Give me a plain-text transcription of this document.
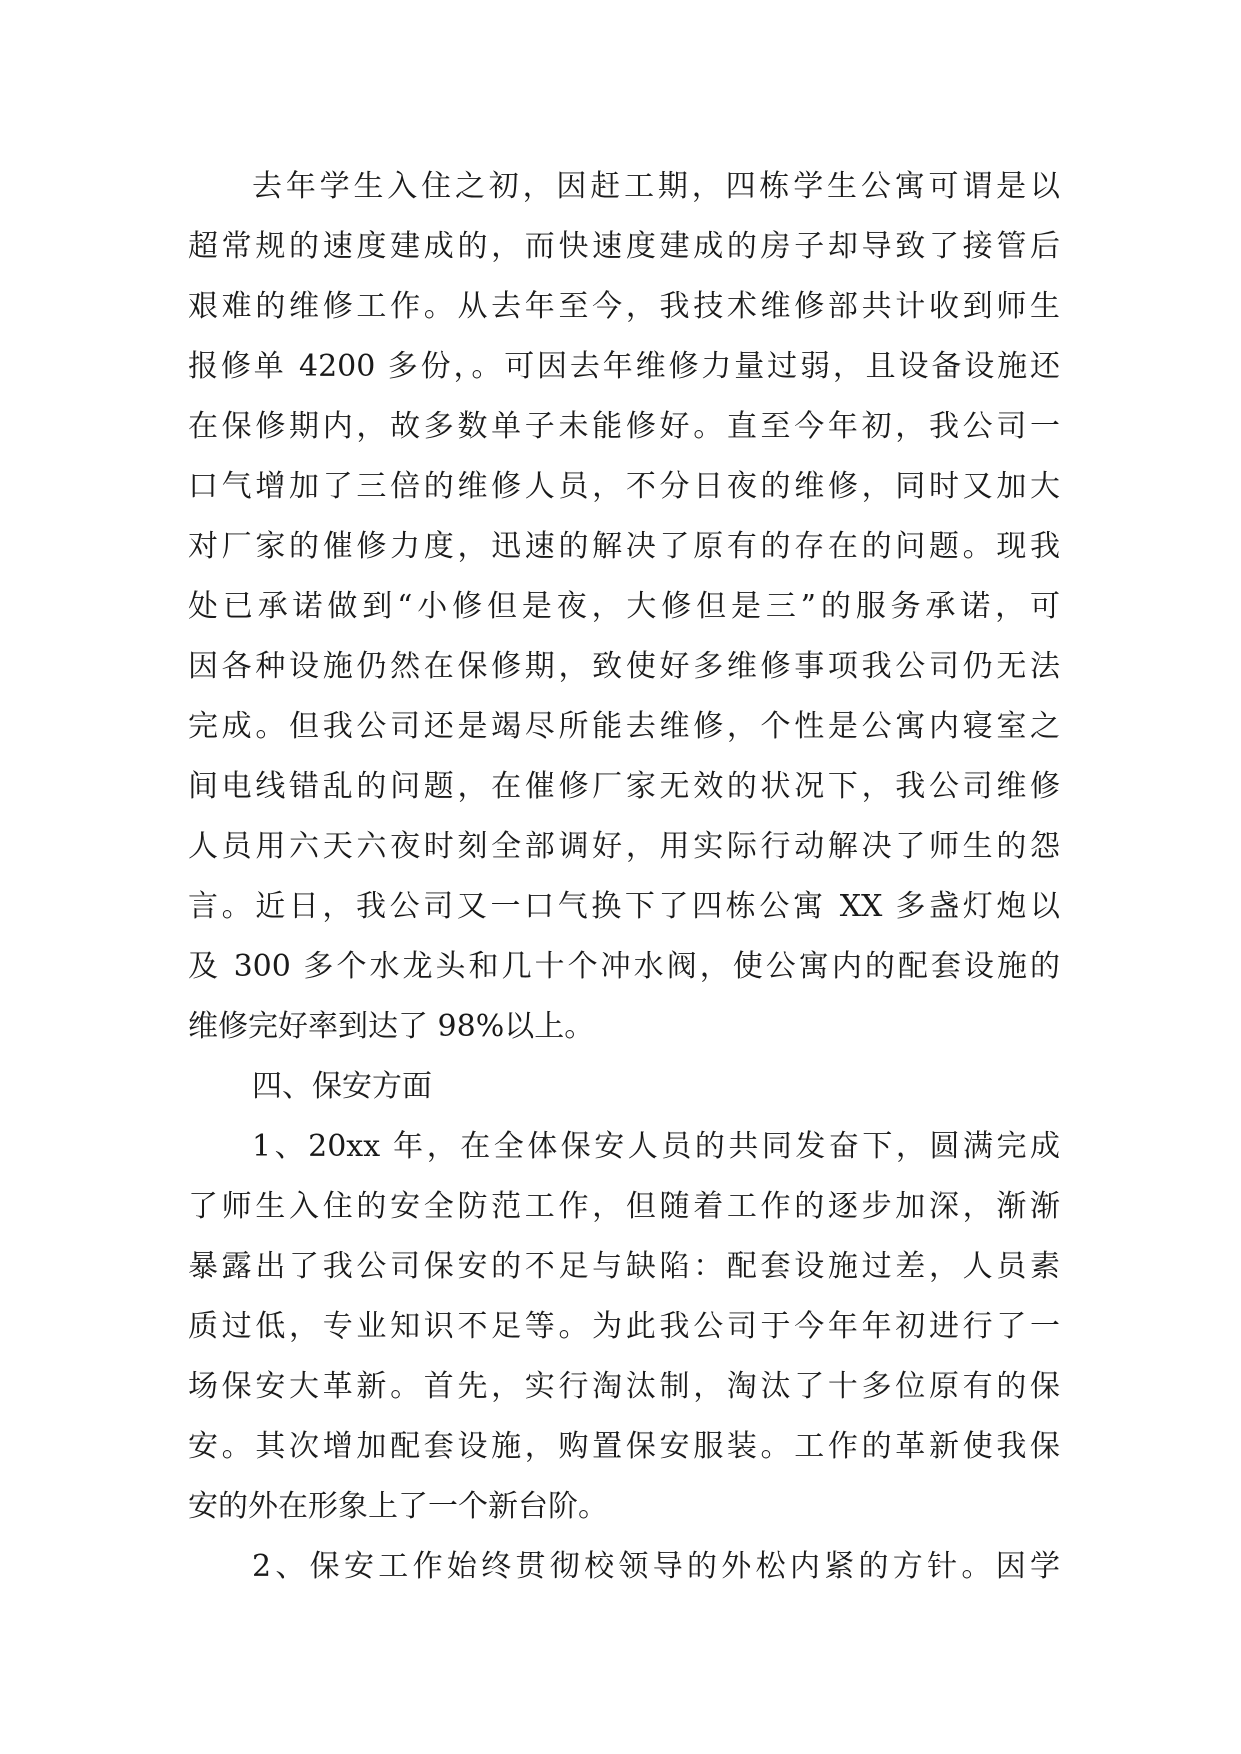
去年学生入住之初，因赶工期，四栋学生公寓可谓是以
超常规的速度建成的，而快速度建成的房子却导致了接管后
艰难的维修工作。从去年至今，我技术维修部共计收到师生
报修单 4200 多份，。可因去年维修力量过弱，且设备设施还
在保修期内，故多数单子未能修好。直至今年初，我公司一
口气增加了三倍的维修人员，不分日夜的维修，同时又加大
对厂家的催修力度，迅速的解决了原有的存在的问题。现我
处已承诺做到“小修但是夜，大修但是三”的服务承诺，可
因各种设施仍然在保修期，致使好多维修事项我公司仍无法
完成。但我公司还是竭尽所能去维修，个性是公寓内寝室之
间电线错乱的问题，在催修厂家无效的状况下，我公司维修
人员用六天六夜时刻全部调好，用实际行动解决了师生的怨
言。近日，我公司又一口气换下了四栋公寓 XX 多盏灯炮以
及 300 多个水龙头和几十个冲水阀，使公寓内的配套设施的
维修完好率到达了 98%以上。
四、保安方面
1、20xx 年，在全体保安人员的共同发奋下，圆满完成
了师生入住的安全防范工作，但随着工作的逐步加深，渐渐
暴露出了我公司保安的不足与缺陷：配套设施过差，人员素
质过低，专业知识不足等。为此我公司于今年年初进行了一
场保安大革新。首先，实行淘汰制，淘汰了十多位原有的保
安。其次增加配套设施，购置保安服装。工作的革新使我保
安的外在形象上了一个新台阶。
2、保安工作始终贯彻校领导的外松内紧的方针。因学
